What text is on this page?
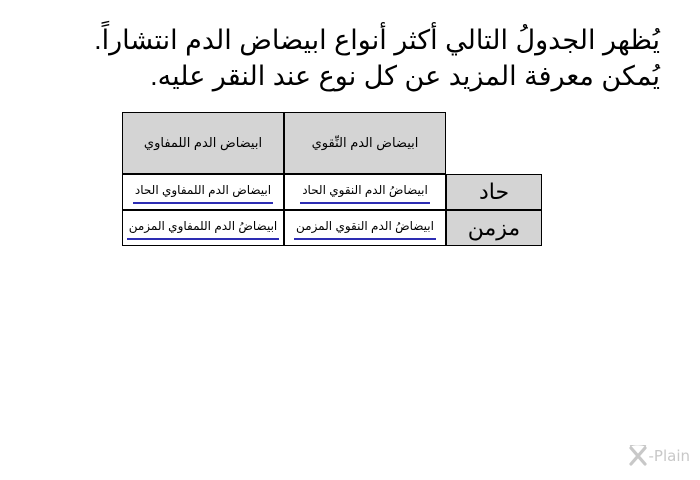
يُظهر الجدولُ التالي أكثر أنواع ابيضاض الدم انتشاراً. يُمكن معرفة المزيد عن كل نوع عند النقر عليه.
	ابيضاض الدم النِّقوي	ابيضاض الدم اللمفاوي
حاد	ابيضاضُ الدم النقوي الحاد	ابيضاض الدم اللمفاوي الحاد
مزمن	ابيضاضُ الدم النقوي المزمن	ابيضاضُ الدم اللمفاوي المزمن
-Plain
